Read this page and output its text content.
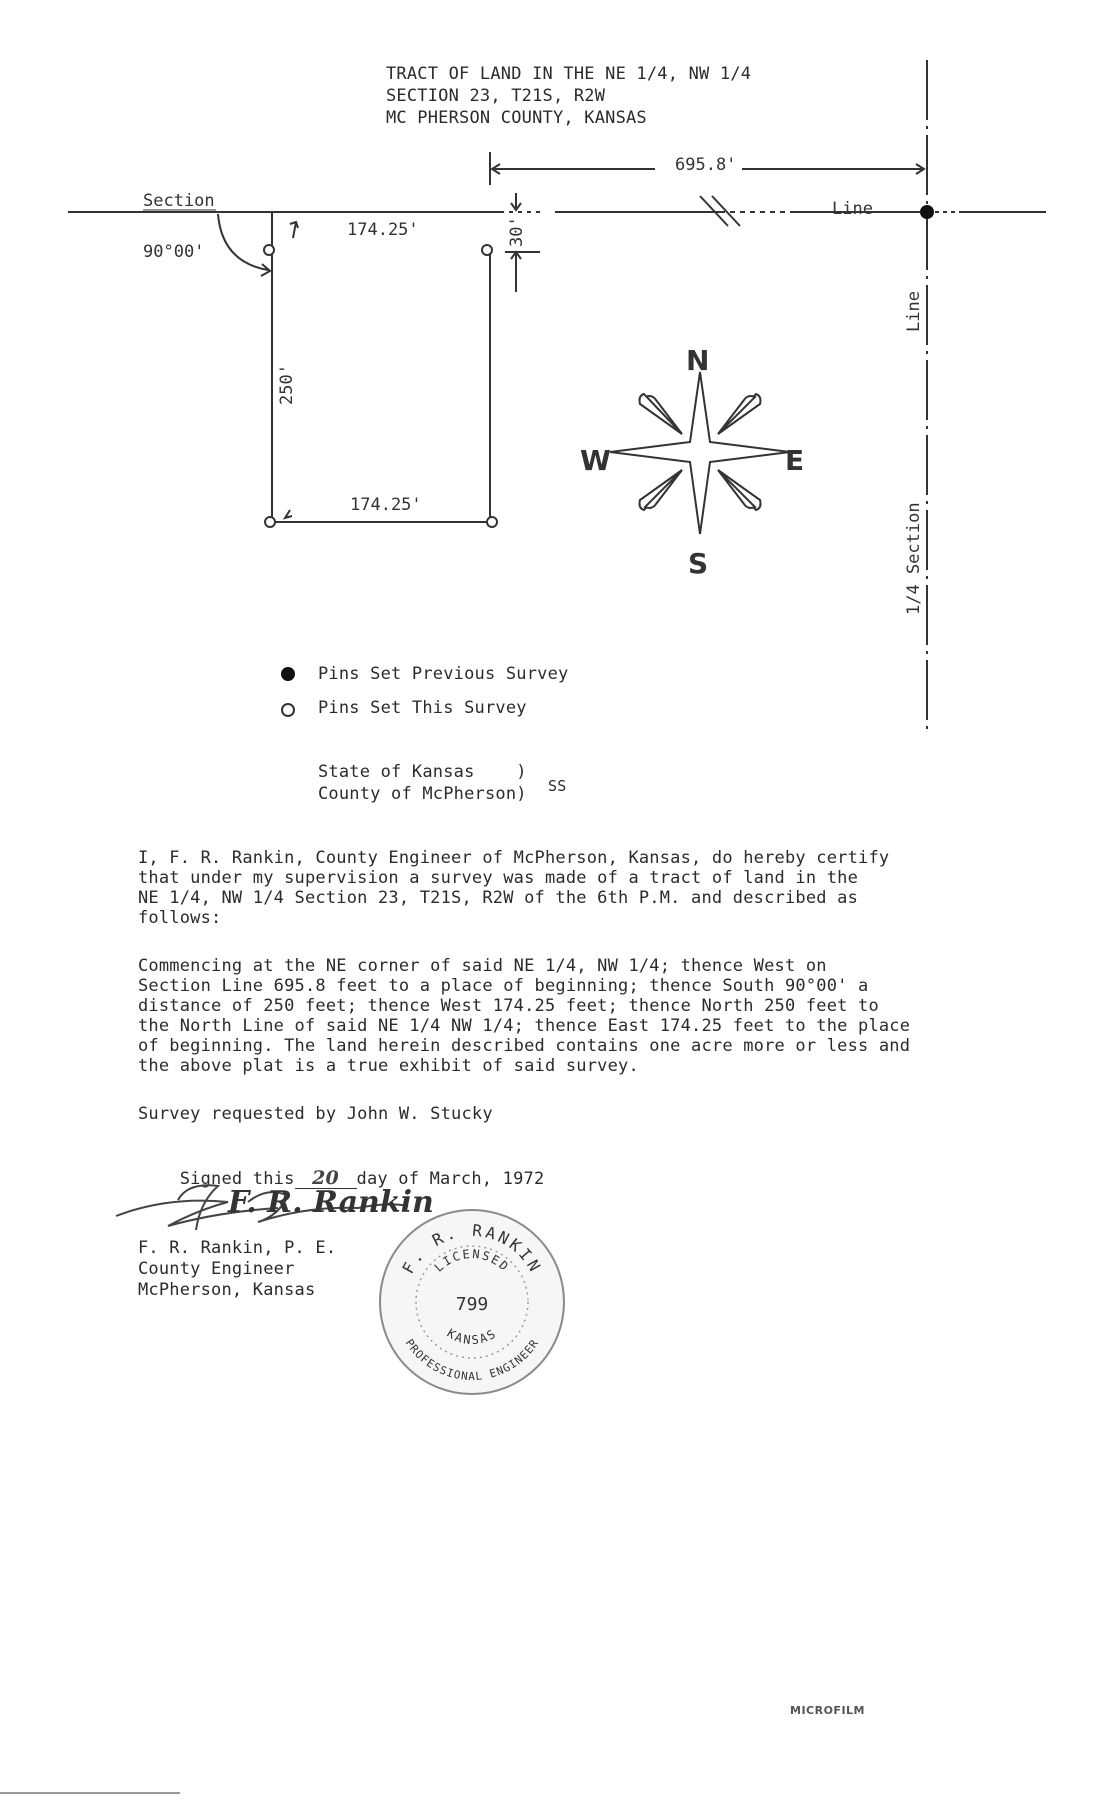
TRACT OF LAND IN THE NE 1/4, NW 1/4
SECTION 23, T21S, R2W
MC PHERSON COUNTY, KANSAS
Section	Line
90°00'
174.25'
174.25'
695.8'
250'
30'
Line
1/4 Section
N
S
E
W
Pins Set Previous Survey
Pins Set This Survey
State of Kansas    )
County of McPherson) SS
I, F. R. Rankin, County Engineer of McPherson, Kansas, do hereby certify
that under my supervision a survey was made of a tract of land in the
NE 1/4, NW 1/4 Section 23, T21S, R2W of the 6th P.M. and described as
follows:
Commencing at the NE corner of said NE 1/4, NW 1/4; thence West on
Section Line 695.8 feet to a place of beginning; thence South 90°00' a
distance of 250 feet; thence West 174.25 feet; thence North 250 feet to
the North Line of said NE 1/4 NW 1/4; thence East 174.25 feet to the place
of beginning. The land herein described contains one acre more or less and
the above plat is a true exhibit of said survey.
Survey requested by John W. Stucky

Signed this 20 day of March, 1972

F. R. Rankin
F. R. Rankin, P. E.
County Engineer
McPherson, Kansas
F. R. RANKIN
LICENSED
799
KANSAS
PROFESSIONAL ENGINEER
MICROFILM
